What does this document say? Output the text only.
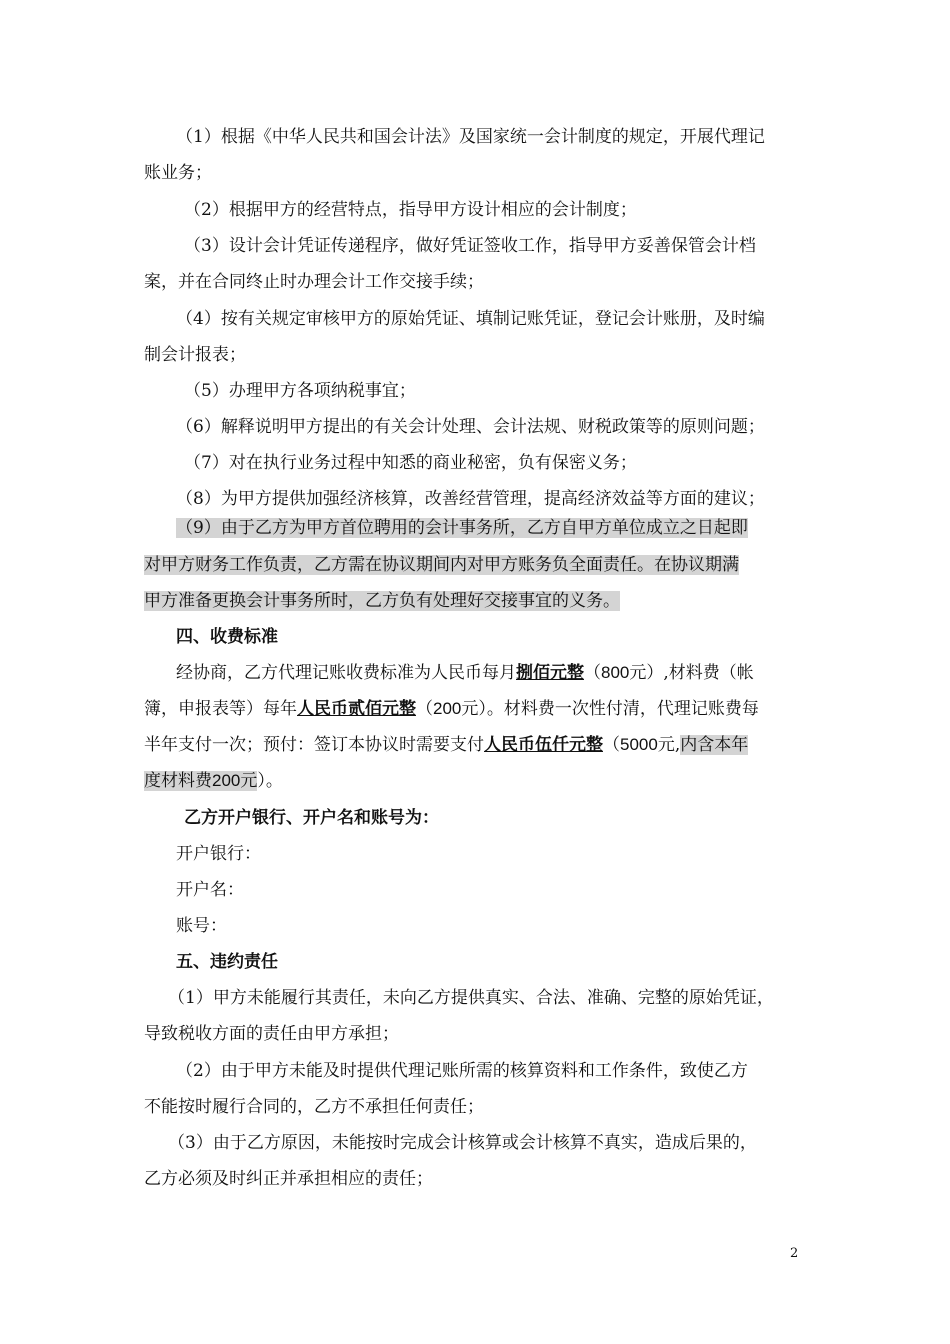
（1）根据《中华人民共和国会计法》及国家统一会计制度的规定，开展代理记
账业务；
（2）根据甲方的经营特点，指导甲方设计相应的会计制度；
（3）设计会计凭证传递程序，做好凭证签收工作，指导甲方妥善保管会计档
案，并在合同终止时办理会计工作交接手续；
（4）按有关规定审核甲方的原始凭证、填制记账凭证，登记会计账册，及时编
制会计报表；
（5）办理甲方各项纳税事宜；
（6）解释说明甲方提出的有关会计处理、会计法规、财税政策等的原则问题；
（7）对在执行业务过程中知悉的商业秘密，负有保密义务；
（8）为甲方提供加强经济核算，改善经营管理，提高经济效益等方面的建议；
（9）由于乙方为甲方首位聘用的会计事务所，乙方自甲方单位成立之日起即
对甲方财务工作负责，乙方需在协议期间内对甲方账务负全面责任。在协议期满
甲方准备更换会计事务所时，乙方负有处理好交接事宜的义务。
四、收费标准
经协商，乙方代理记账收费标准为人民币每月捌佰元整（800元）,材料费（帐
簿，申报表等）每年人民币贰佰元整（200元）。材料费一次性付清，代理记账费每
半年支付一次；预付：签订本协议时需要支付人民币伍仟元整（5000元,内含本年
度材料费200元）。
乙方开户银行、开户名和账号为：
开户银行：
开户名：
账号：
五、违约责任
（1）甲方未能履行其责任，未向乙方提供真实、合法、准确、完整的原始凭证，
导致税收方面的责任由甲方承担；
（2）由于甲方未能及时提供代理记账所需的核算资料和工作条件，致使乙方
不能按时履行合同的，乙方不承担任何责任；
（3）由于乙方原因，未能按时完成会计核算或会计核算不真实，造成后果的，
乙方必须及时纠正并承担相应的责任；
2
